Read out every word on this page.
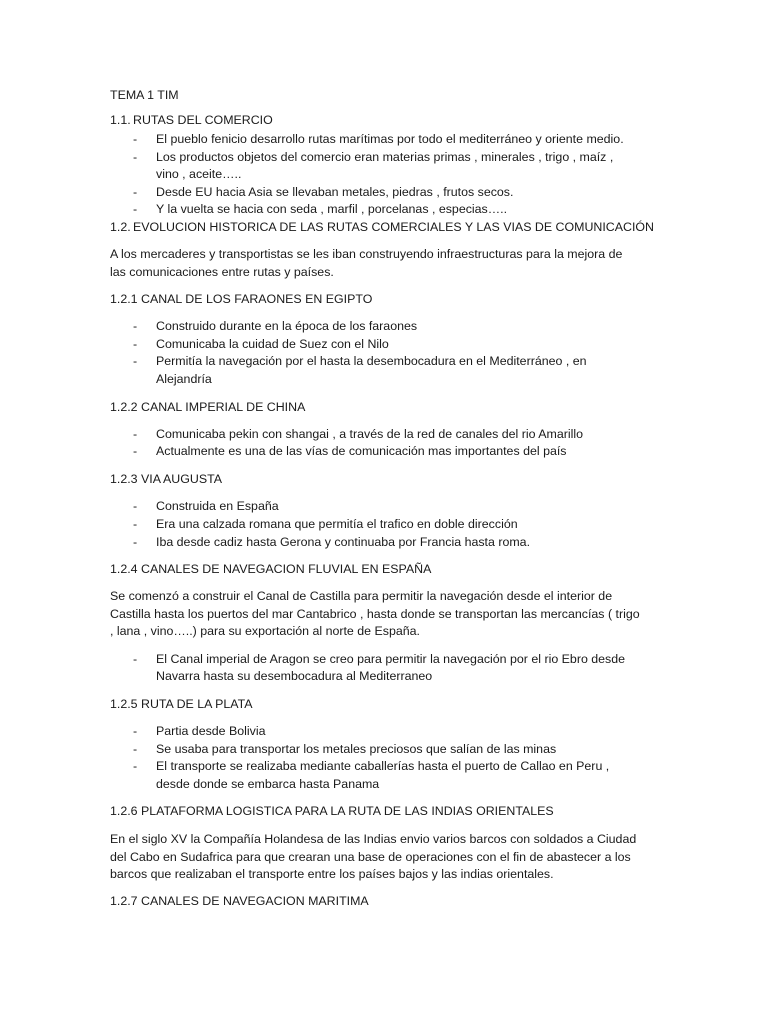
TEMA 1 TIM
1.1. RUTAS DEL COMERCIO
- El pueblo fenicio desarrollo rutas marítimas por todo el mediterráneo y oriente medio.
- Los productos objetos del comercio eran materias primas , minerales , trigo , maíz ,
vino , aceite…..
- Desde EU hacia Asia se llevaban metales, piedras , frutos secos.
- Y la vuelta se hacia con seda , marfil , porcelanas , especias…..
1.2. EVOLUCION HISTORICA DE LAS RUTAS COMERCIALES Y LAS VIAS DE COMUNICACIÓN
A los mercaderes y transportistas se les iban construyendo infraestructuras para la mejora de
las comunicaciones entre rutas y países.
1.2.1 CANAL DE LOS FARAONES EN EGIPTO
- Construido durante en la época de los faraones
- Comunicaba la cuidad de Suez con el Nilo
- Permitía la navegación por el hasta la desembocadura en el Mediterráneo , en
Alejandría
1.2.2 CANAL IMPERIAL DE CHINA
- Comunicaba pekin con shangai , a través de la red de canales del rio Amarillo
- Actualmente es una de las vías de comunicación mas importantes del país
1.2.3 VIA AUGUSTA
- Construida en España
- Era una calzada romana que permitía el trafico en doble dirección
- Iba desde cadiz hasta Gerona y continuaba por Francia hasta roma.
1.2.4 CANALES DE NAVEGACION FLUVIAL EN ESPAÑA
Se comenzó a construir el Canal de Castilla para permitir la navegación desde el interior de
Castilla hasta los puertos del mar Cantabrico , hasta donde se transportan las mercancías ( trigo
, lana , vino…..) para su exportación al norte de España.
- El Canal imperial de Aragon se creo para permitir la navegación por el rio Ebro desde
Navarra hasta su desembocadura al Mediterraneo
1.2.5 RUTA DE LA PLATA
- Partia desde Bolivia
- Se usaba para transportar los metales preciosos que salían de las minas
- El transporte se realizaba mediante caballerías hasta el puerto de Callao en Peru ,
desde donde se embarca hasta Panama
1.2.6 PLATAFORMA LOGISTICA PARA LA RUTA DE LAS INDIAS ORIENTALES
En el siglo XV la Compañía Holandesa de las Indias envio varios barcos con soldados a Ciudad
del Cabo en Sudafrica para que crearan una base de operaciones con el fin de abastecer a los
barcos que realizaban el transporte entre los países bajos y las indias orientales.
1.2.7 CANALES DE NAVEGACION MARITIMA
